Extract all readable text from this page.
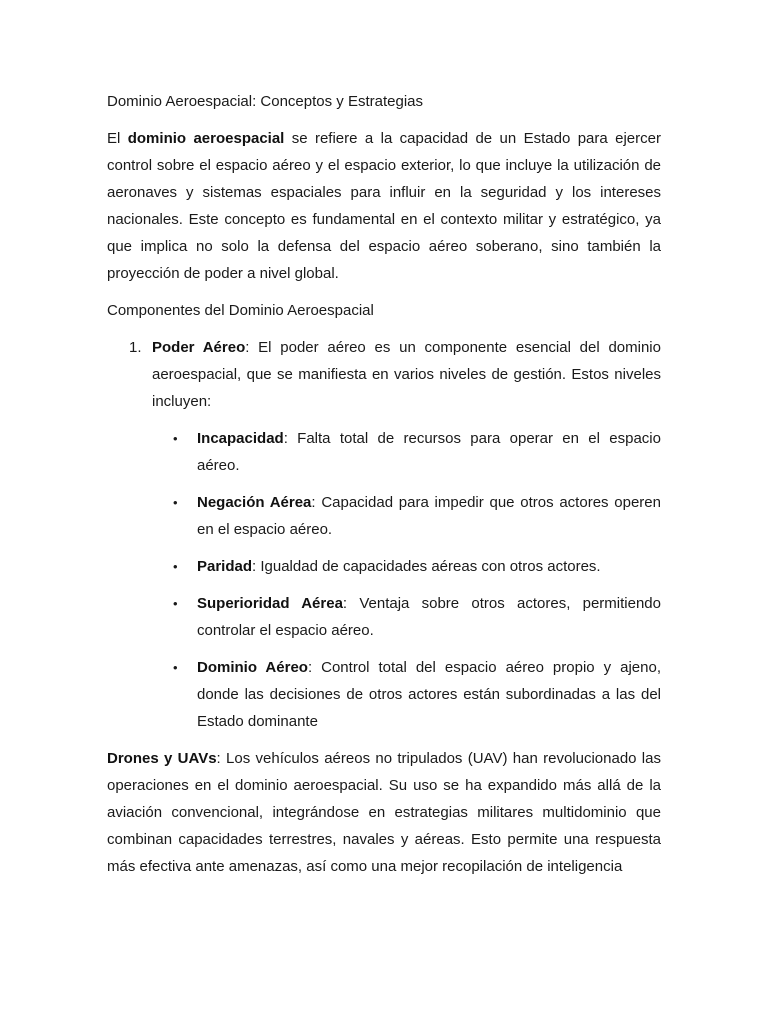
Dominio Aeroespacial: Conceptos y Estrategias

El dominio aeroespacial se refiere a la capacidad de un Estado para ejercer control sobre el espacio aéreo y el espacio exterior, lo que incluye la utilización de aeronaves y sistemas espaciales para influir en la seguridad y los intereses nacionales. Este concepto es fundamental en el contexto militar y estratégico, ya que implica no solo la defensa del espacio aéreo soberano, sino también la proyección de poder a nivel global.

Componentes del Dominio Aeroespacial

1. Poder Aéreo: El poder aéreo es un componente esencial del dominio aeroespacial, que se manifiesta en varios niveles de gestión. Estos niveles incluyen:
• Incapacidad: Falta total de recursos para operar en el espacio aéreo.
• Negación Aérea: Capacidad para impedir que otros actores operen en el espacio aéreo.
• Paridad: Igualdad de capacidades aéreas con otros actores.
• Superioridad Aérea: Ventaja sobre otros actores, permitiendo controlar el espacio aéreo.
• Dominio Aéreo: Control total del espacio aéreo propio y ajeno, donde las decisiones de otros actores están subordinadas a las del Estado dominante

Drones y UAVs: Los vehículos aéreos no tripulados (UAV) han revolucionado las operaciones en el dominio aeroespacial. Su uso se ha expandido más allá de la aviación convencional, integrándose en estrategias militares multidominio que combinan capacidades terrestres, navales y aéreas. Esto permite una respuesta más efectiva ante amenazas, así como una mejor recopilación de inteligencia
